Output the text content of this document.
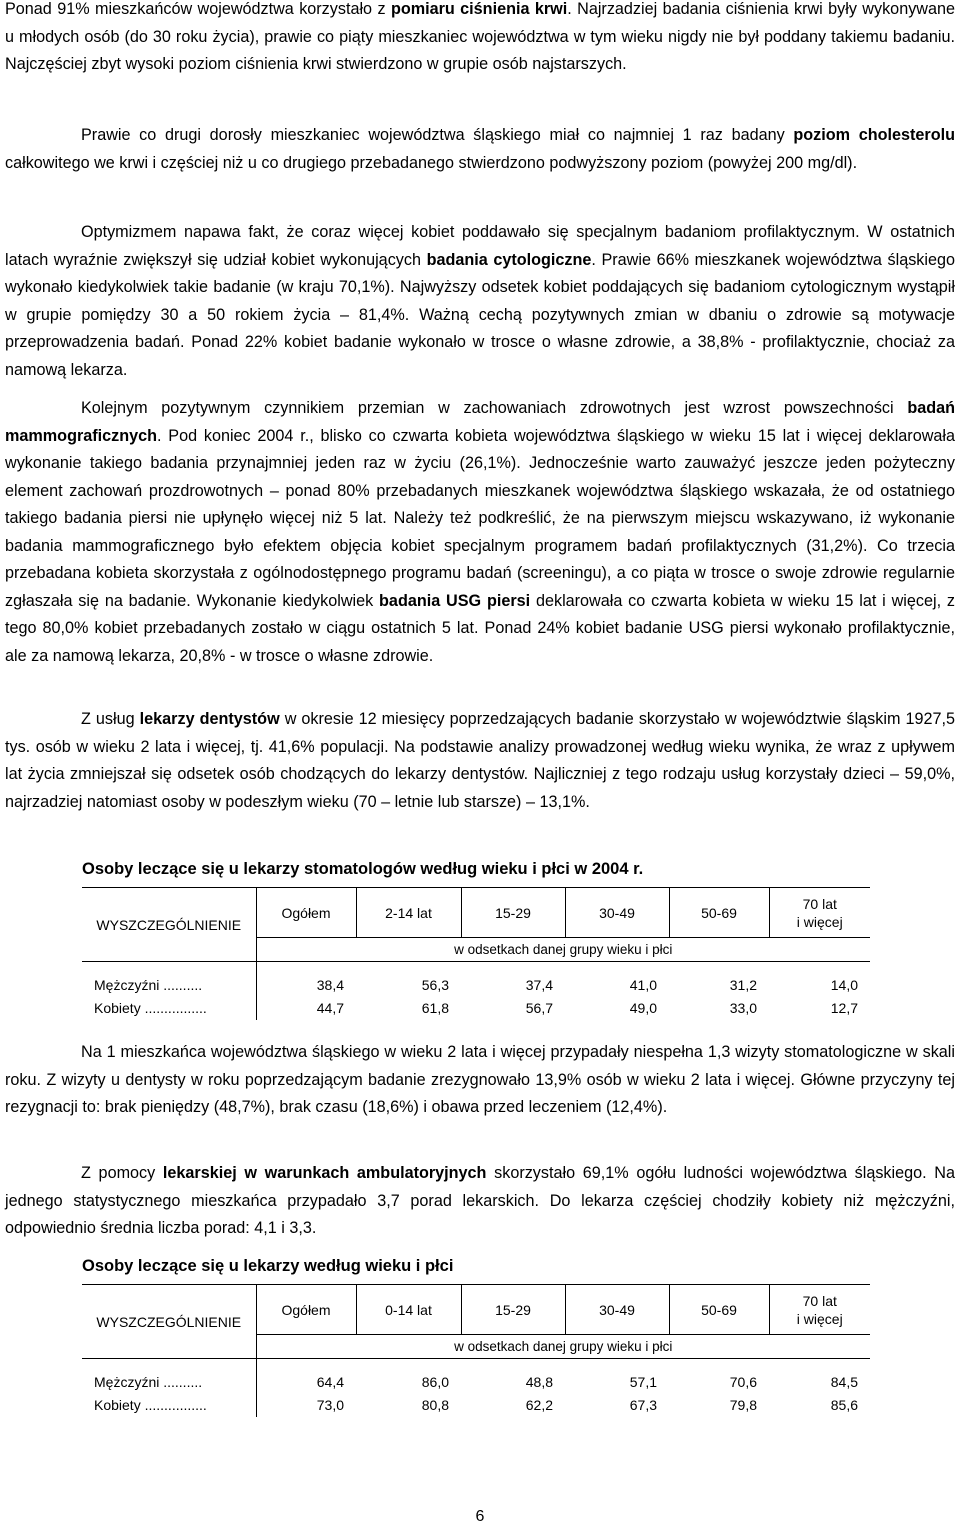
Ponad 91% mieszkańców województwa korzystało z pomiaru ciśnienia krwi. Najrzadziej badania ciśnienia krwi były wykonywane u młodych osób (do 30 roku życia), prawie co piąty mieszkaniec województwa w tym wieku nigdy nie był poddany takiemu badaniu. Najczęściej zbyt wysoki poziom ciśnienia krwi stwierdzono w grupie osób najstarszych.

Prawie co drugi dorosły mieszkaniec województwa śląskiego miał co najmniej 1 raz badany poziom cholesterolu całkowitego we krwi i częściej niż u co drugiego przebadanego stwierdzono podwyższony poziom (powyżej 200 mg/dl).

Optymizmem napawa fakt, że coraz więcej kobiet poddawało się specjalnym badaniom profilaktycznym. W ostatnich latach wyraźnie zwiększył się udział kobiet wykonujących badania cytologiczne. Prawie 66% mieszkanek województwa śląskiego wykonało kiedykolwiek takie badanie (w kraju 70,1%). Najwyższy odsetek kobiet poddających się badaniom cytologicznym wystąpił w grupie pomiędzy 30 a 50 rokiem życia – 81,4%. Ważną cechą pozytywnych zmian w dbaniu o zdrowie są motywacje przeprowadzenia badań. Ponad 22% kobiet badanie wykonało w trosce o własne zdrowie, a 38,8% - profilaktycznie, chociaż za namową lekarza.

Kolejnym pozytywnym czynnikiem przemian w zachowaniach zdrowotnych jest wzrost powszechności badań mammograficznych. Pod koniec 2004 r., blisko co czwarta kobieta województwa śląskiego w wieku 15 lat i więcej deklarowała wykonanie takiego badania przynajmniej jeden raz w życiu (26,1%). Jednocześnie warto zauważyć jeszcze jeden pożyteczny element zachowań prozdrowotnych – ponad 80% przebadanych mieszkanek województwa śląskiego wskazała, że od ostatniego takiego badania piersi nie upłynęło więcej niż 5 lat. Należy też podkreślić, że na pierwszym miejscu wskazywano, iż wykonanie badania mammograficznego było efektem objęcia kobiet specjalnym programem badań profilaktycznych (31,2%). Co trzecia przebadana kobieta skorzystała z ogólnodostępnego programu badań (screeningu), a co piąta w trosce o swoje zdrowie regularnie zgłaszała się na badanie. Wykonanie kiedykolwiek badania USG piersi deklarowała co czwarta kobieta w wieku 15 lat i więcej, z tego 80,0% kobiet przebadanych zostało w ciągu ostatnich 5 lat. Ponad 24% kobiet badanie USG piersi wykonało profilaktycznie, ale za namową lekarza, 20,8% - w trosce o własne zdrowie.

Z usług lekarzy dentystów w okresie 12 miesięcy poprzedzających badanie skorzystało w województwie śląskim 1927,5 tys. osób w wieku 2 lata i więcej, tj. 41,6% populacji. Na podstawie analizy prowadzonej według wieku wynika, że wraz z upływem lat życia zmniejszał się odsetek osób chodzących do lekarzy dentystów. Najliczniej z tego rodzaju usług korzystały dzieci – 59,0%, najrzadziej natomiast osoby w podeszłym wieku (70 – letnie lub starsze) – 13,1%.

Osoby leczące się u lekarzy stomatologów według wieku i płci w 2004 r.

WYSZCZEGÓLNIENIE	Ogółem	2-14 lat	15-29	30-49	50-69	70 lat
i więcej
	w odsetkach danej grupy wieku i płci					

Mężczyźni ..........	38,4	56,3	37,4	41,0	31,2	14,0
Kobiety ................	44,7	61,8	56,7	49,0	33,0	12,7

Na 1 mieszkańca województwa śląskiego w wieku 2 lata i więcej przypadały niespełna 1,3 wizyty stomatologiczne w skali roku. Z wizyty u dentysty w roku poprzedzającym badanie zrezygnowało 13,9% osób w wieku 2 lata i więcej. Główne przyczyny tej rezygnacji to: brak pieniędzy (48,7%), brak czasu (18,6%) i obawa przed leczeniem (12,4%).

Z pomocy lekarskiej w warunkach ambulatoryjnych skorzystało 69,1% ogółu ludności województwa śląskiego. Na jednego statystycznego mieszkańca przypadało 3,7 porad lekarskich. Do lekarza częściej chodziły kobiety niż mężczyźni, odpowiednio średnia liczba porad: 4,1 i 3,3.

Osoby leczące się u lekarzy według wieku i płci

WYSZCZEGÓLNIENIE	Ogółem	0-14 lat	15-29	30-49	50-69	70 lat
i więcej
	w odsetkach danej grupy wieku i płci					

Mężczyźni ..........	64,4	86,0	48,8	57,1	70,6	84,5
Kobiety ................	73,0	80,8	62,2	67,3	79,8	85,6
6
